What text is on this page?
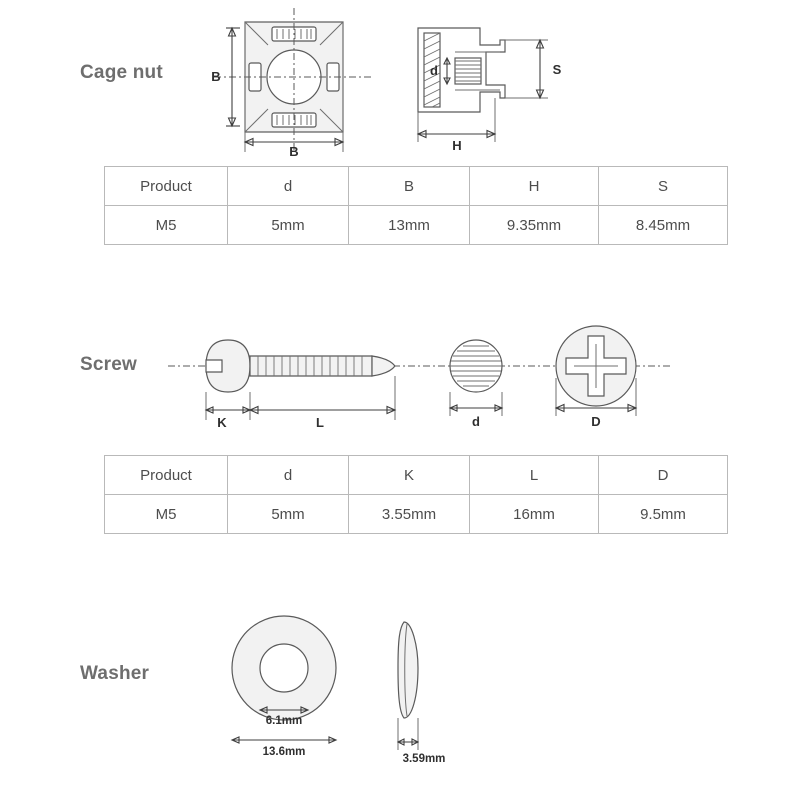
Cage nut
Screw
Washer
B
B
d
H
S
Product	d	B	H	S
M5	5mm	13mm	9.35mm	8.45mm
K	L	d	D
Product	d	K	L	D
M5	5mm	3.55mm	16mm	9.5mm
6.1mm
13.6mm
3.59mm
